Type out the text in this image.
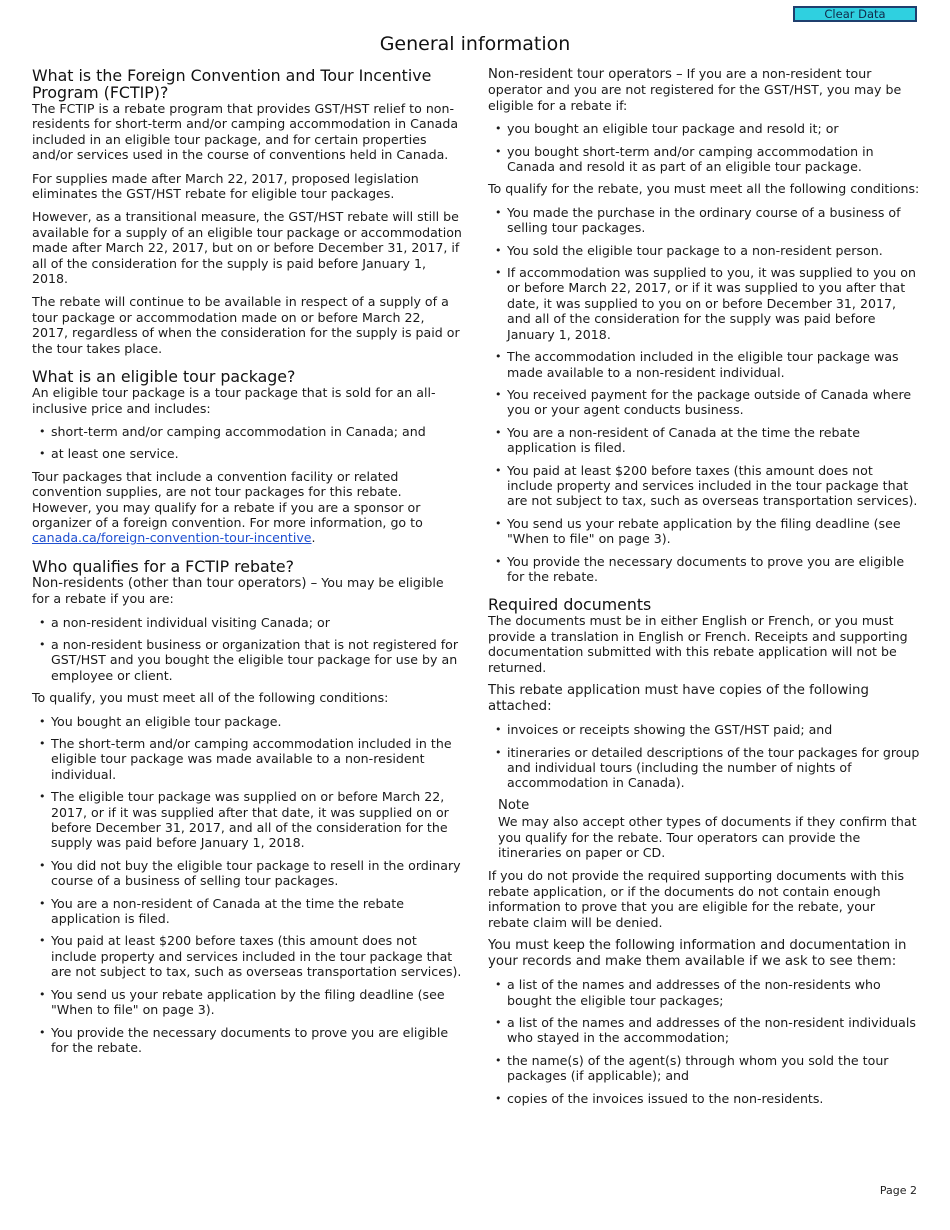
Clear Data
General information
What is the Foreign Convention and Tour Incentive Program (FCTIP)?

The FCTIP is a rebate program that provides GST/HST relief to non-residents for short-term and/or camping accommodation in Canada included in an eligible tour package, and for certain properties and/or services used in the course of conventions held in Canada.

For supplies made after March 22, 2017, proposed legislation eliminates the GST/HST rebate for eligible tour packages.

However, as a transitional measure, the GST/HST rebate will still be available for a supply of an eligible tour package or accommodation made after March 22, 2017, but on or before December 31, 2017, if all of the consideration for the supply is paid before January 1, 2018.

The rebate will continue to be available in respect of a supply of a tour package or accommodation made on or before March 22, 2017, regardless of when the consideration for the supply is paid or the tour takes place.

What is an eligible tour package?

An eligible tour package is a tour package that is sold for an all-inclusive price and includes:

• short-term and/or camping accommodation in Canada; and
• at least one service.

Tour packages that include a convention facility or related convention supplies, are not tour packages for this rebate. However, you may qualify for a rebate if you are a sponsor or organizer of a foreign convention. For more information, go to canada.ca/foreign-convention-tour-incentive.

Who qualifies for a FCTIP rebate?

Non-residents (other than tour operators) – You may be eligible for a rebate if you are:

• a non-resident individual visiting Canada; or
• a non-resident business or organization that is not registered for GST/HST and you bought the eligible tour package for use by an employee or client.

To qualify, you must meet all of the following conditions:

• You bought an eligible tour package.
• The short-term and/or camping accommodation included in the eligible tour package was made available to a non-resident individual.
• The eligible tour package was supplied on or before March 22, 2017, or if it was supplied after that date, it was supplied on or before December 31, 2017, and all of the consideration for the supply was paid before January 1, 2018.
• You did not buy the eligible tour package to resell in the ordinary course of a business of selling tour packages.
• You are a non-resident of Canada at the time the rebate application is filed.
• You paid at least $200 before taxes (this amount does not include property and services included in the tour package that are not subject to tax, such as overseas transportation services).
• You send us your rebate application by the filing deadline (see "When to file" on page 3).
• You provide the necessary documents to prove you are eligible for the rebate.

Non-resident tour operators – If you are a non-resident tour operator and you are not registered for the GST/HST, you may be eligible for a rebate if:

• you bought an eligible tour package and resold it; or
• you bought short-term and/or camping accommodation in Canada and resold it as part of an eligible tour package.

To qualify for the rebate, you must meet all the following conditions:

• You made the purchase in the ordinary course of a business of selling tour packages.
• You sold the eligible tour package to a non-resident person.
• If accommodation was supplied to you, it was supplied to you on or before March 22, 2017, or if it was supplied to you after that date, it was supplied to you on or before December 31, 2017, and all of the consideration for the supply was paid before January 1, 2018.
• The accommodation included in the eligible tour package was made available to a non-resident individual.
• You received payment for the package outside of Canada where you or your agent conducts business.
• You are a non-resident of Canada at the time the rebate application is filed.
• You paid at least $200 before taxes (this amount does not include property and services included in the tour package that are not subject to tax, such as overseas transportation services).
• You send us your rebate application by the filing deadline (see "When to file" on page 3).
• You provide the necessary documents to prove you are eligible for the rebate.
Required documents

The documents must be in either English or French, or you must provide a translation in English or French. Receipts and supporting documentation submitted with this rebate application will not be returned.

This rebate application must have copies of the following attached:

• invoices or receipts showing the GST/HST paid; and
• itineraries or detailed descriptions of the tour packages for group and individual tours (including the number of nights of accommodation in Canada).
Note
We may also accept other types of documents if they confirm that you qualify for the rebate. Tour operators can provide the itineraries on paper or CD.

If you do not provide the required supporting documents with this rebate application, or if the documents do not contain enough information to prove that you are eligible for the rebate, your rebate claim will be denied.

You must keep the following information and documentation in your records and make them available if we ask to see them:

• a list of the names and addresses of the non-residents who bought the eligible tour packages;
• a list of the names and addresses of the non-resident individuals who stayed in the accommodation;
• the name(s) of the agent(s) through whom you sold the tour packages (if applicable); and
• copies of the invoices issued to the non-residents.
Page 2
